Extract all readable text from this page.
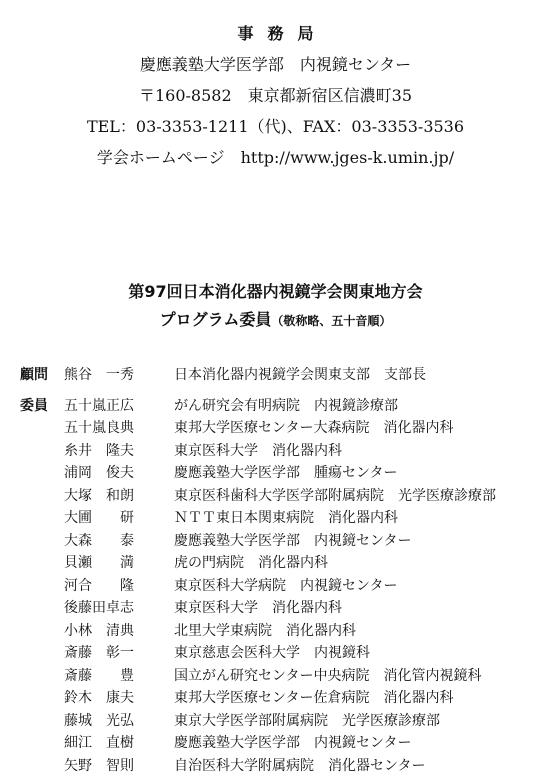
事務局
慶應義塾大学医学部　内視鏡センター
〒160-8582　東京都新宿区信濃町35
TEL：03-3353-1211（代)、FAX：03-3353-3536
学会ホームページ　http://www.jges-k.umin.jp/
第97回日本消化器内視鏡学会関東地方会
プログラム委員（敬称略、五十音順）
顧問	熊谷　一秀	日本消化器内視鏡学会関東支部　支部長
委員	五十嵐正広	がん研究会有明病院　内視鏡診療部
五十嵐良典	東邦大学医療センター大森病院　消化器内科
糸井　隆夫	東京医科大学　消化器内科
浦岡　俊夫	慶應義塾大学医学部　腫瘍センター
大塚　和朗	東京医科歯科大学医学部附属病院　光学医療診療部
大圃　　研	ＮＴＴ東日本関東病院　消化器内科
大森　　泰	慶應義塾大学医学部　内視鏡センター
貝瀬　　満	虎の門病院　消化器内科
河合　　隆	東京医科大学病院　内視鏡センター
後藤田卓志	東京医科大学　消化器内科
小林　清典	北里大学東病院　消化器内科
斎藤　彰一	東京慈恵会医科大学　内視鏡科
斎藤　　豊	国立がん研究センター中央病院　消化管内視鏡科
鈴木　康夫	東邦大学医療センター佐倉病院　消化器内科
藤城　光弘	東京大学医学部附属病院　光学医療診療部
細江　直樹	慶應義塾大学医学部　内視鏡センター
矢野　智則	自治医科大学附属病院　消化器センター
